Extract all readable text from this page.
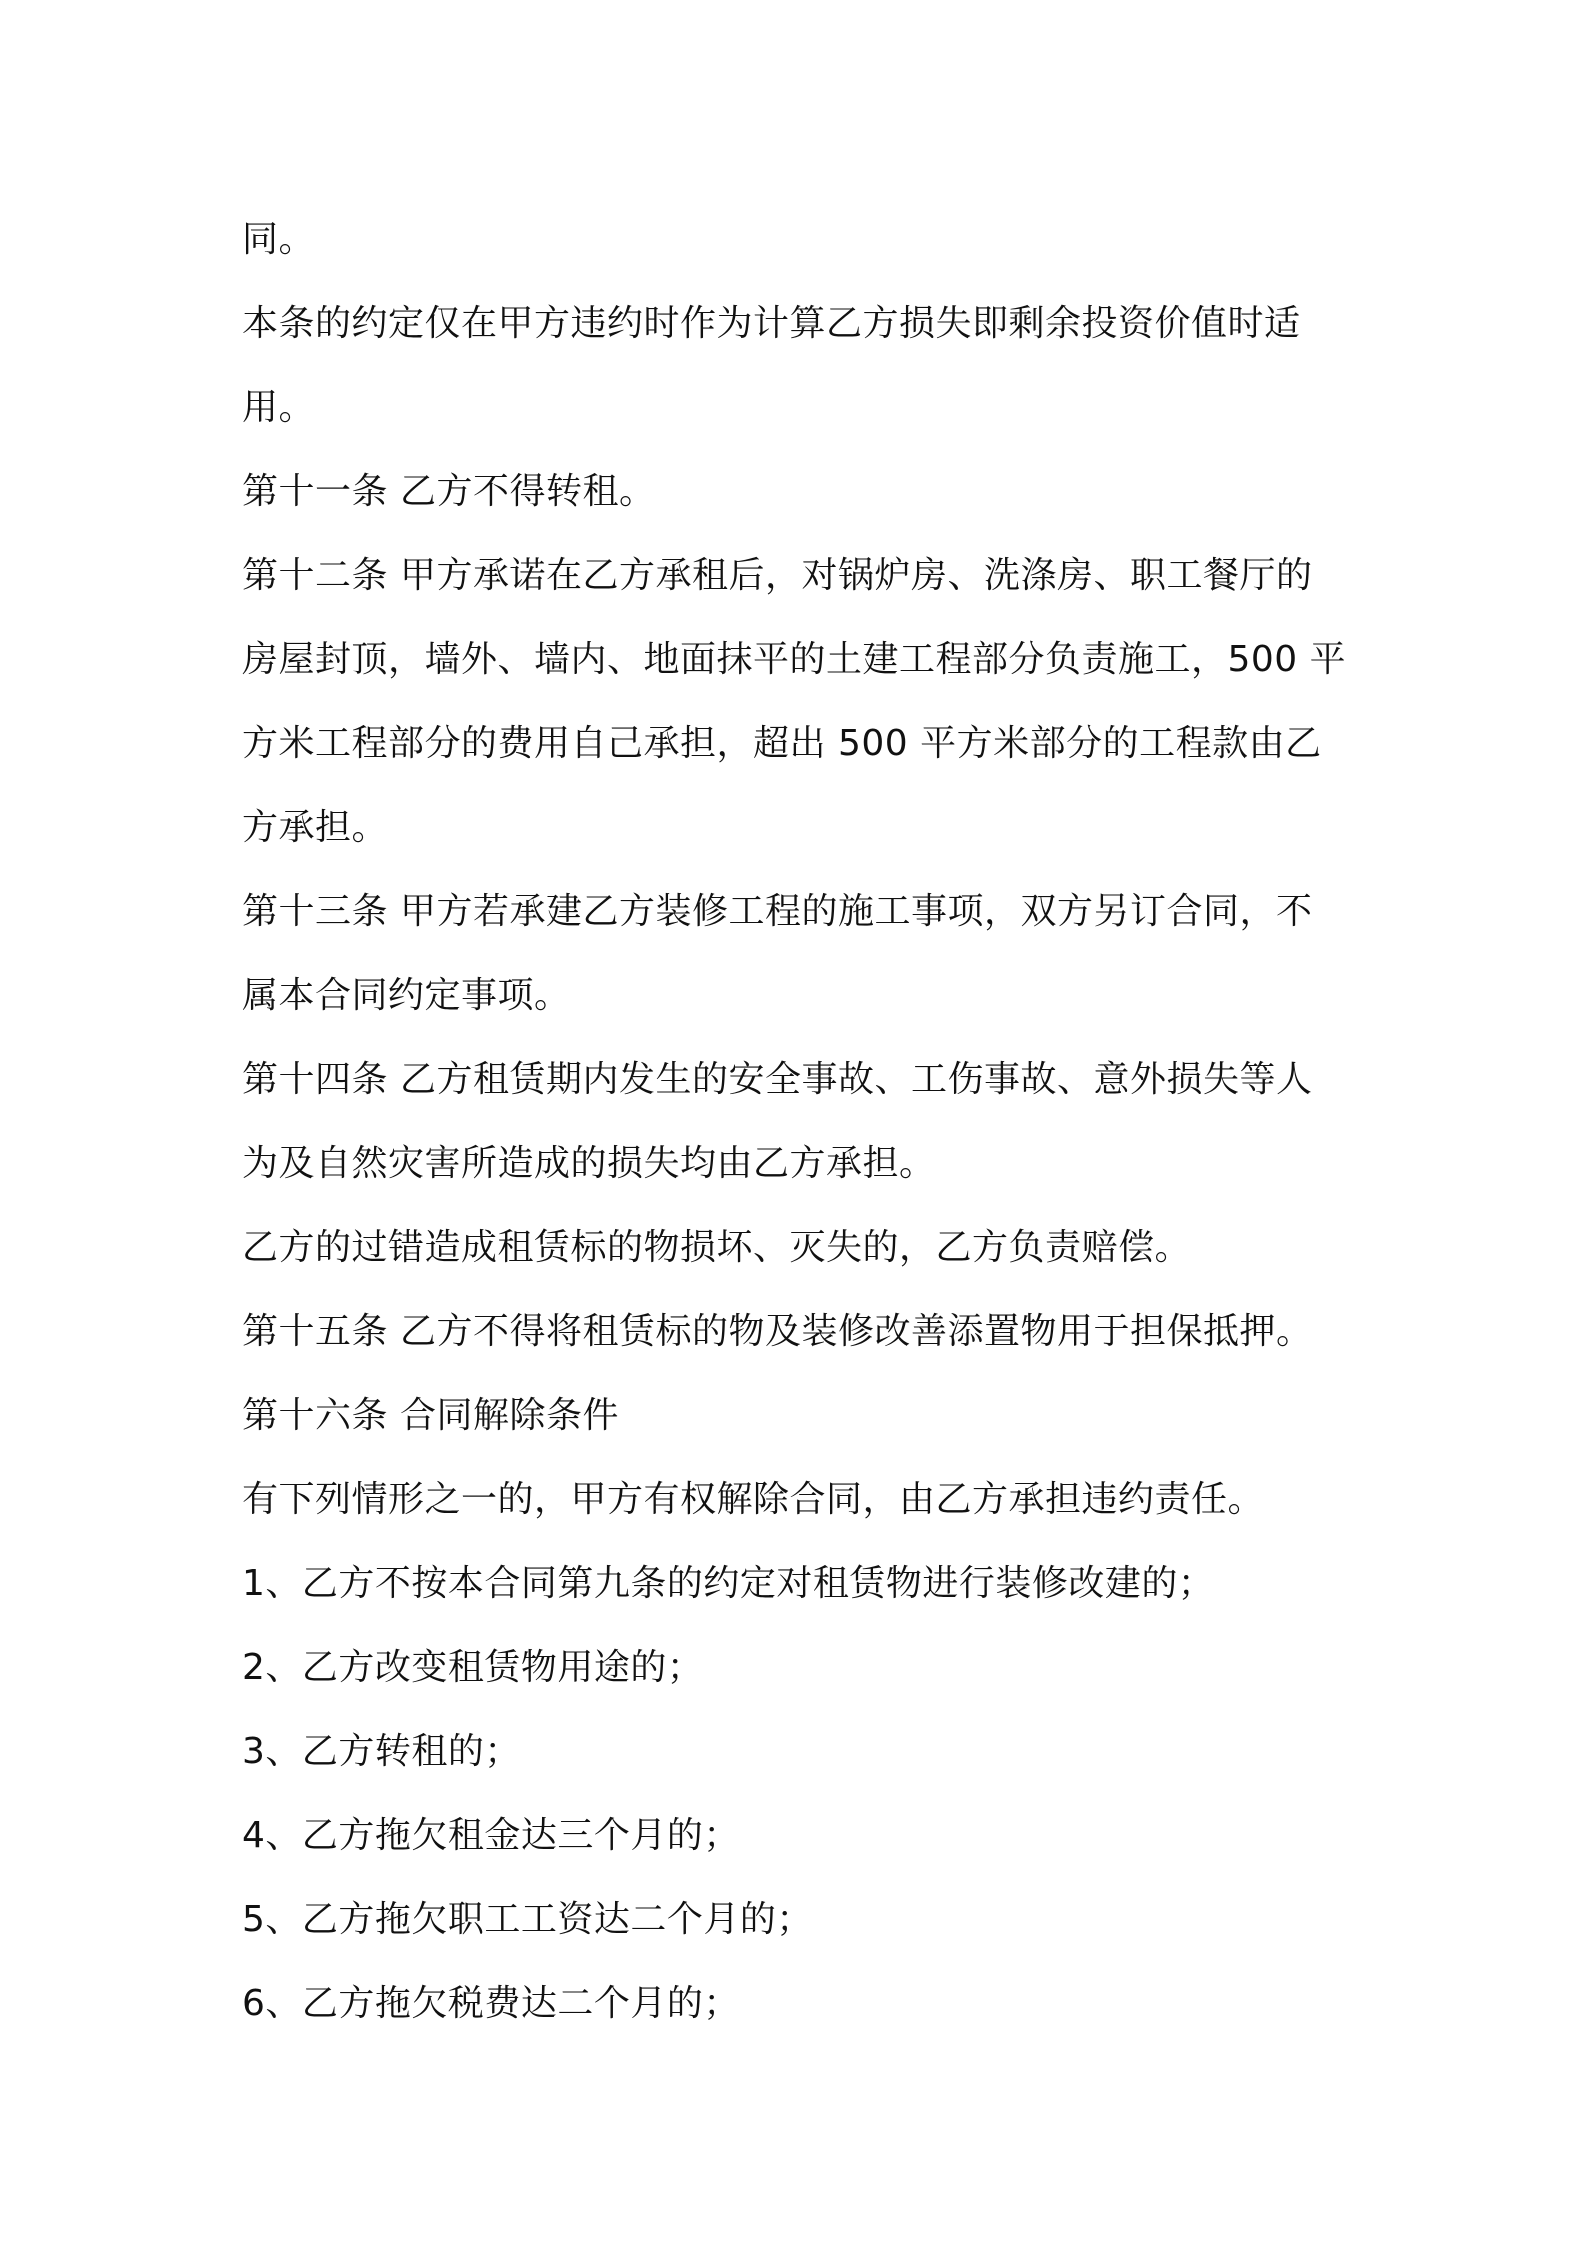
同。
本条的约定仅在甲方违约时作为计算乙方损失即剩余投资价值时适
用。
第十一条 乙方不得转租。
第十二条 甲方承诺在乙方承租后，对锅炉房、洗涤房、职工餐厅的
房屋封顶，墙外、墙内、地面抹平的土建工程部分负责施工，500 平
方米工程部分的费用自己承担，超出 500 平方米部分的工程款由乙
方承担。
第十三条 甲方若承建乙方装修工程的施工事项，双方另订合同，不
属本合同约定事项。
第十四条 乙方租赁期内发生的安全事故、工伤事故、意外损失等人
为及自然灾害所造成的损失均由乙方承担。
乙方的过错造成租赁标的物损坏、灭失的，乙方负责赔偿。
第十五条 乙方不得将租赁标的物及装修改善添置物用于担保抵押。
第十六条 合同解除条件
有下列情形之一的，甲方有权解除合同，由乙方承担违约责任。
1、乙方不按本合同第九条的约定对租赁物进行装修改建的；
2、乙方改变租赁物用途的；
3、乙方转租的；
4、乙方拖欠租金达三个月的；
5、乙方拖欠职工工资达二个月的；
6、乙方拖欠税费达二个月的；
